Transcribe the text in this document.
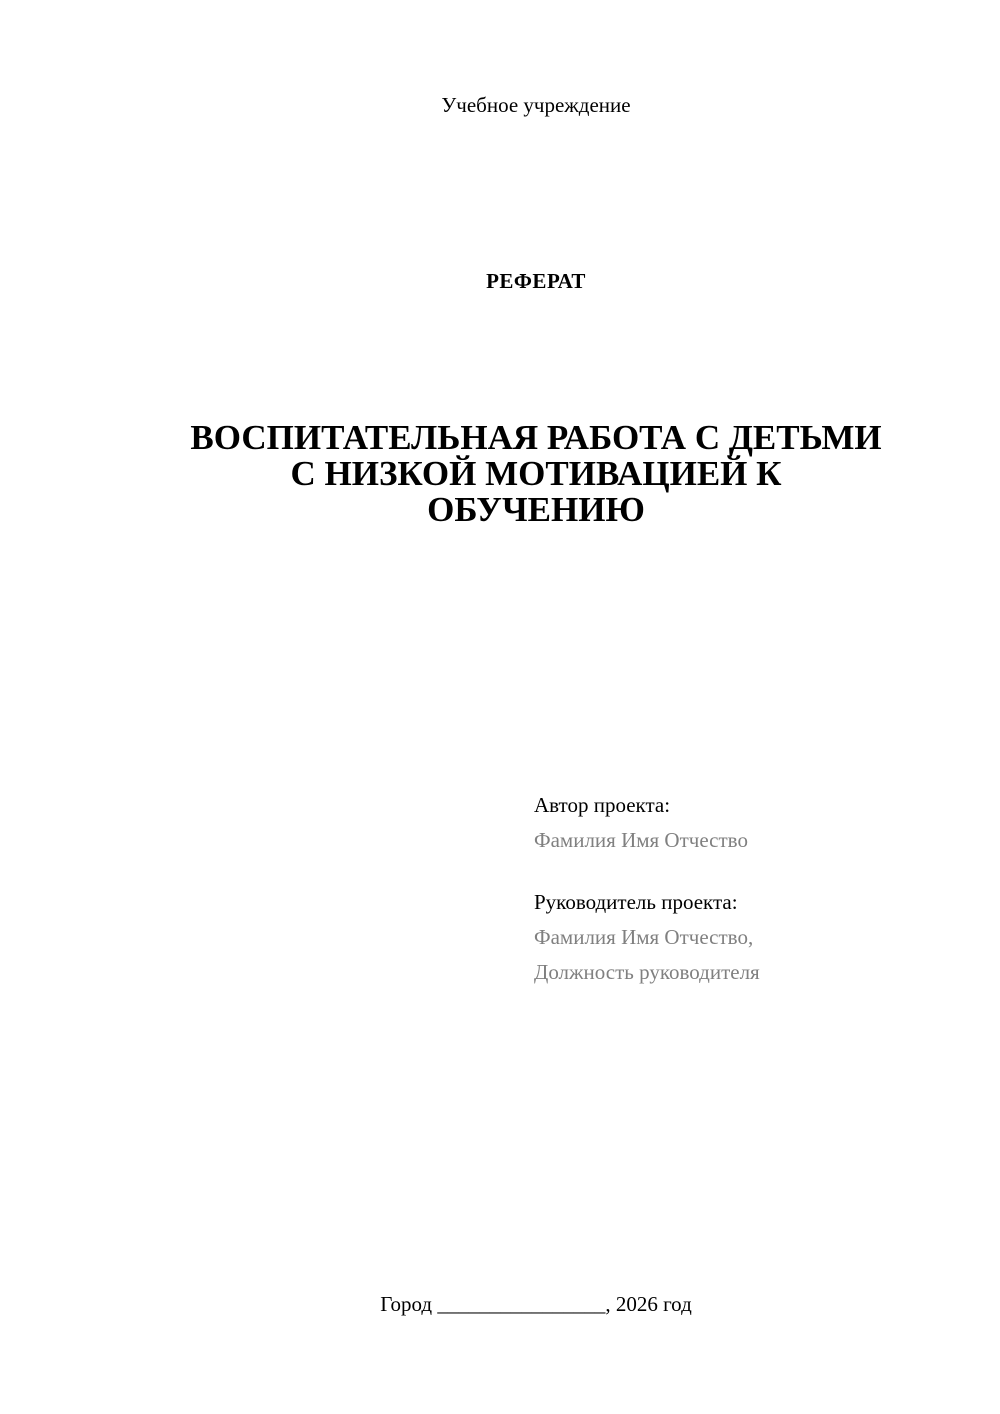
Учебное учреждение
РЕФЕРАТ
ВОСПИТАТЕЛЬНАЯ РАБОТА С ДЕТЬМИ
С НИЗКОЙ МОТИВАЦИЕЙ К
ОБУЧЕНИЮ
Автор проекта:
Фамилия Имя Отчество
Руководитель проекта:
Фамилия Имя Отчество,
Должность руководителя
Город ________________, 2026 год
